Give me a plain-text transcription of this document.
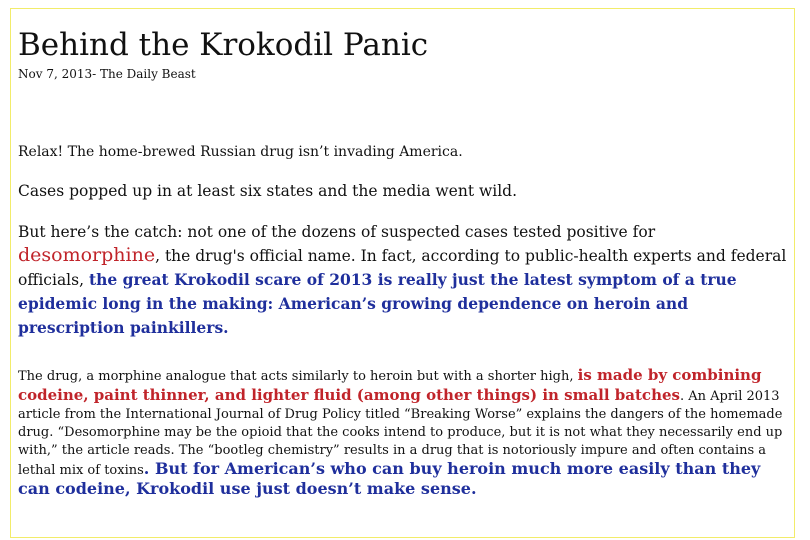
Behind the Krokodil Panic
Nov 7, 2013- The Daily Beast
Relax! The home-brewed Russian drug isn’t invading America.
Cases popped up in at least six states and the media went wild.
But here’s the catch: not one of the dozens of suspected cases tested positive for desomorphine, the drug's official name. In fact, according to public-health experts and federal officials, the great Krokodil scare of 2013 is really just the latest symptom of a true epidemic long in the making: American’s growing dependence on heroin and prescription painkillers.
The drug, a morphine analogue that acts similarly to heroin but with a shorter high, is made by combining codeine, paint thinner, and lighter fluid (among other things) in small batches. An April 2013 article from the International Journal of Drug Policy titled “Breaking Worse” explains the dangers of the homemade drug. “Desomorphine may be the opioid that the cooks intend to produce, but it is not what they necessarily end up with,” the article reads. The “bootleg chemistry” results in a drug that is notoriously impure and often contains a lethal mix of toxins. But for American’s who can buy heroin much more easily than they can codeine, Krokodil use just doesn’t make sense.
